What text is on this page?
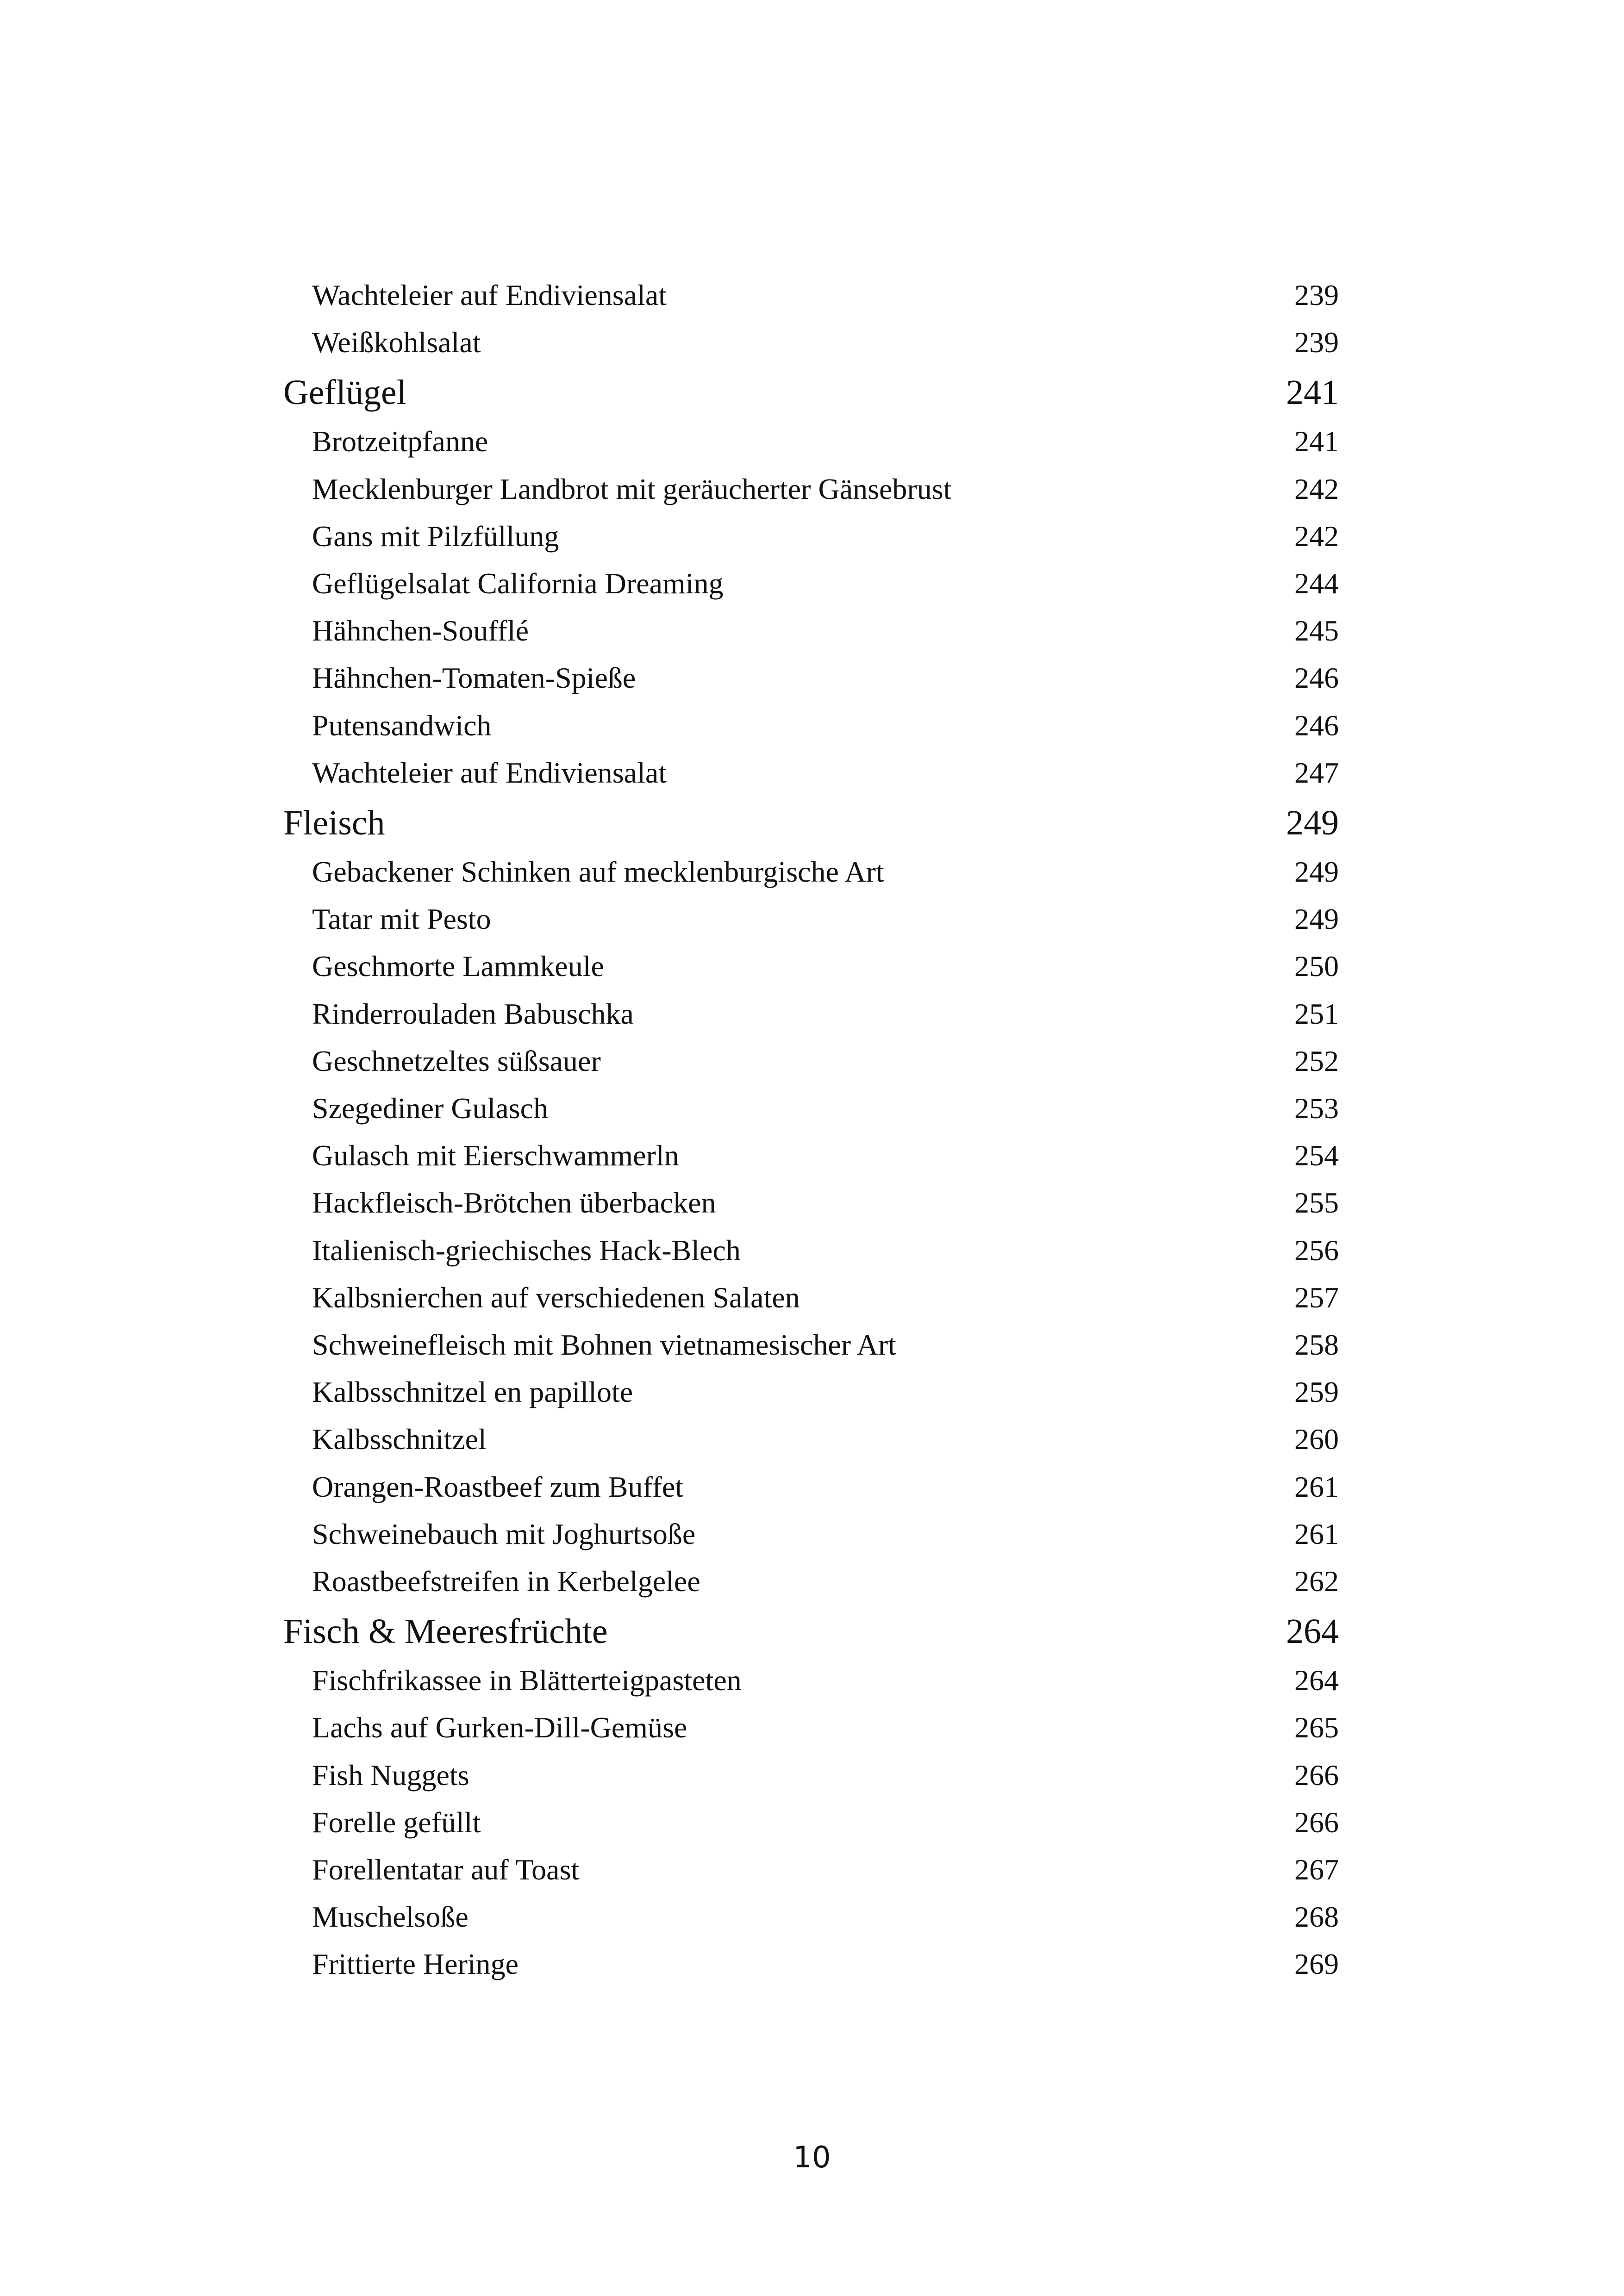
Wachteleier auf Endiviensalat	239
Weißkohlsalat	239
Geflügel	241
Brotzeitpfanne	241
Mecklenburger Landbrot mit geräucherter Gänsebrust	242
Gans mit Pilzfüllung	242
Geflügelsalat California Dreaming	244
Hähnchen-Soufflé	245
Hähnchen-Tomaten-Spieße	246
Putensandwich	246
Wachteleier auf Endiviensalat	247
Fleisch	249
Gebackener Schinken auf mecklenburgische Art	249
Tatar mit Pesto	249
Geschmorte Lammkeule	250
Rinderrouladen Babuschka	251
Geschnetzeltes süßsauer	252
Szegediner Gulasch	253
Gulasch mit Eierschwammerln	254
Hackfleisch-Brötchen überbacken	255
Italienisch-griechisches Hack-Blech	256
Kalbsnierchen auf verschiedenen Salaten	257
Schweinefleisch mit Bohnen vietnamesischer Art	258
Kalbsschnitzel en papillote	259
Kalbsschnitzel	260
Orangen-Roastbeef zum Buffet	261
Schweinebauch mit Joghurtsoße	261
Roastbeefstreifen in Kerbelgelee	262
Fisch & Meeresfrüchte	264
Fischfrikassee in Blätterteigpasteten	264
Lachs auf Gurken-Dill-Gemüse	265
Fish Nuggets	266
Forelle gefüllt	266
Forellentatar auf Toast	267
Muschelsoße	268
Frittierte Heringe	269
10
